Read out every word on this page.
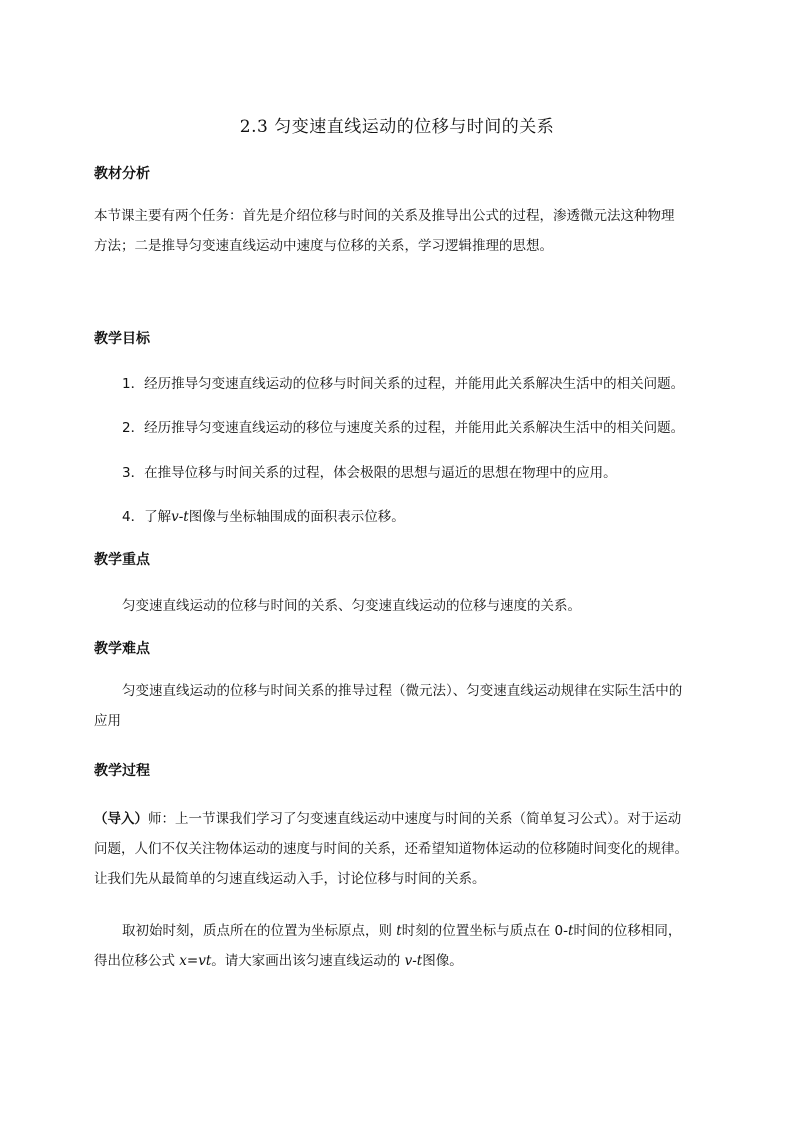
2.3 匀变速直线运动的位移与时间的关系
教材分析
本节课主要有两个任务：首先是介绍位移与时间的关系及推导出公式的过程，渗透微元法这种物理
方法；二是推导匀变速直线运动中速度与位移的关系，学习逻辑推理的思想。
教学目标
1．经历推导匀变速直线运动的位移与时间关系的过程，并能用此关系解决生活中的相关问题。
2．经历推导匀变速直线运动的移位与速度关系的过程，并能用此关系解决生活中的相关问题。
3．在推导位移与时间关系的过程，体会极限的思想与逼近的思想在物理中的应用。
4．了解v-t图像与坐标轴围成的面积表示位移。
教学重点
匀变速直线运动的位移与时间的关系、匀变速直线运动的位移与速度的关系。
教学难点
匀变速直线运动的位移与时间关系的推导过程（微元法）、匀变速直线运动规律在实际生活中的
应用
教学过程
（导入）师：上一节课我们学习了匀变速直线运动中速度与时间的关系（简单复习公式）。对于运动
问题，人们不仅关注物体运动的速度与时间的关系，还希望知道物体运动的位移随时间变化的规律。
让我们先从最简单的匀速直线运动入手，讨论位移与时间的关系。
取初始时刻，质点所在的位置为坐标原点，则 t时刻的位置坐标与质点在 0-t时间的位移相同，
得出位移公式 x=vt。请大家画出该匀速直线运动的 v-t图像。
